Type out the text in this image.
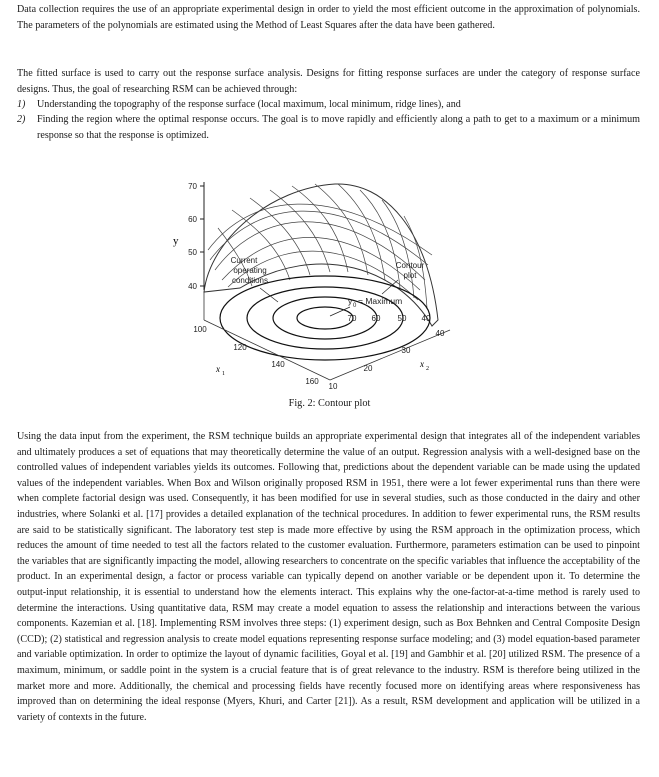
Data collection requires the use of an appropriate experimental design in order to yield the most efficient outcome in the approximation of polynomials. The parameters of the polynomials are estimated using the Method of Least Squares after the data have been gathered.

The fitted surface is used to carry out the response surface analysis. Designs for fitting response surfaces are under the category of response surface designs. Thus, the goal of researching RSM can be achieved through:

1) Understanding the topography of the response surface (local maximum, local minimum, ridge lines), and
2) Finding the region where the optimal response occurs. The goal is to move rapidly and efficiently along a path to get to a maximum or a minimum response so that the response is optimized.
70
60
50
40
y
Current
operating
conditions
Contour
plot
y 0 = Maximum
70 60 50 40
100
120
140
160
x 1
40
30
20
10
x 2
Fig. 2: Contour plot

Using the data input from the experiment, the RSM technique builds an appropriate experimental design that integrates all of the independent variables and ultimately produces a set of equations that may theoretically determine the value of an output. Regression analysis with a well-designed base on the controlled values of independent variables yields its outcomes. Following that, predictions about the dependent variable can be made using the updated values of the independent variables. When Box and Wilson originally proposed RSM in 1951, there were a lot fewer experimental runs than there were when complete factorial design was used. Consequently, it has been modified for use in several studies, such as those conducted in the dairy and other industries, where Solanki et al. [17] provides a detailed explanation of the technical procedures. In addition to fewer experimental runs, the RSM results are said to be statistically significant. The laboratory test step is made more effective by using the RSM approach in the optimization process, which reduces the amount of time needed to test all the factors related to the customer evaluation. Furthermore, parameters estimation can be used to pinpoint the variables that are significantly impacting the model, allowing researchers to concentrate on the specific variables that influence the acceptability of the product. In an experimental design, a factor or process variable can typically depend on another variable or be dependent upon it. To determine the output-input relationship, it is essential to understand how the elements interact. This explains why the one-factor-at-a-time method is rarely used to determine the interactions. Using quantitative data, RSM may create a model equation to assess the relationship and interactions between the various components. Kazemian et al. [18]. Implementing RSM involves three steps: (1) experiment design, such as Box Behnken and Central Composite Design (CCD); (2) statistical and regression analysis to create model equations representing response surface modeling; and (3) model equation-based parameter and variable optimization. In order to optimize the layout of dynamic facilities, Goyal et al. [19] and Gambhir et al. [20] utilized RSM. The presence of a maximum, minimum, or saddle point in the system is a crucial feature that is of great relevance to the industry. RSM is therefore being utilized in the market more and more. Additionally, the chemical and processing fields have recently focused more on identifying areas where responsiveness has improved than on determining the ideal response (Myers, Khuri, and Carter [21]). As a result, RSM development and application will be utilized in a variety of contexts in the future.
